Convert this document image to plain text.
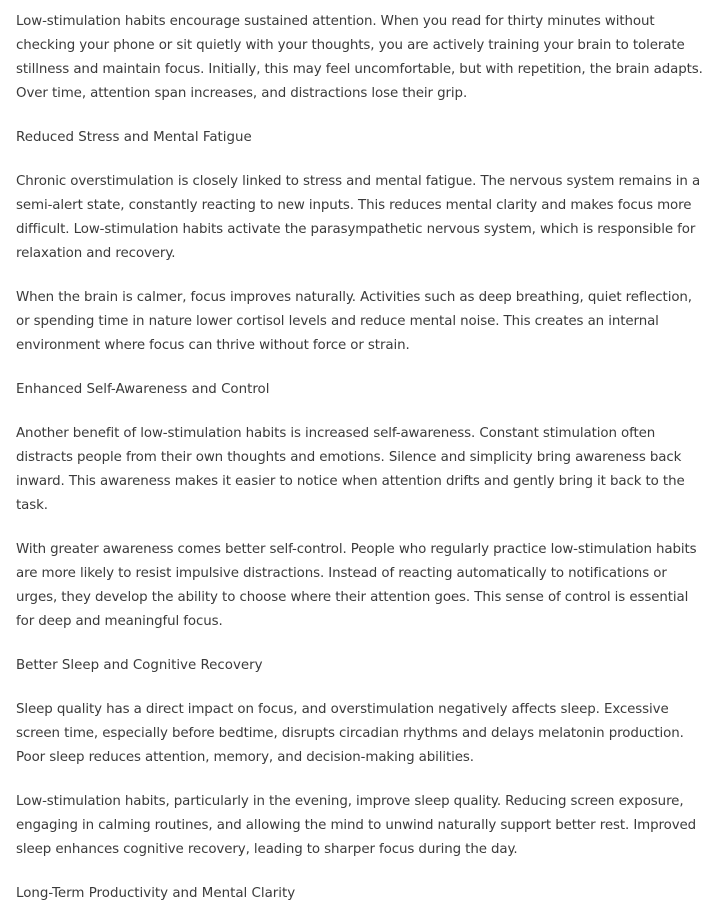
Low-stimulation habits encourage sustained attention. When you read for thirty minutes without checking your phone or sit quietly with your thoughts, you are actively training your brain to tolerate stillness and maintain focus. Initially, this may feel uncomfortable, but with repetition, the brain adapts. Over time, attention span increases, and distractions lose their grip.

Reduced Stress and Mental Fatigue

Chronic overstimulation is closely linked to stress and mental fatigue. The nervous system remains in a semi-alert state, constantly reacting to new inputs. This reduces mental clarity and makes focus more difficult. Low-stimulation habits activate the parasympathetic nervous system, which is responsible for relaxation and recovery.

When the brain is calmer, focus improves naturally. Activities such as deep breathing, quiet reflection, or spending time in nature lower cortisol levels and reduce mental noise. This creates an internal environment where focus can thrive without force or strain.

Enhanced Self-Awareness and Control

Another benefit of low-stimulation habits is increased self-awareness. Constant stimulation often distracts people from their own thoughts and emotions. Silence and simplicity bring awareness back inward. This awareness makes it easier to notice when attention drifts and gently bring it back to the task.

With greater awareness comes better self-control. People who regularly practice low-stimulation habits are more likely to resist impulsive distractions. Instead of reacting automatically to notifications or urges, they develop the ability to choose where their attention goes. This sense of control is essential for deep and meaningful focus.

Better Sleep and Cognitive Recovery

Sleep quality has a direct impact on focus, and overstimulation negatively affects sleep. Excessive screen time, especially before bedtime, disrupts circadian rhythms and delays melatonin production. Poor sleep reduces attention, memory, and decision-making abilities.

Low-stimulation habits, particularly in the evening, improve sleep quality. Reducing screen exposure, engaging in calming routines, and allowing the mind to unwind naturally support better rest. Improved sleep enhances cognitive recovery, leading to sharper focus during the day.

Long-Term Productivity and Mental Clarity
